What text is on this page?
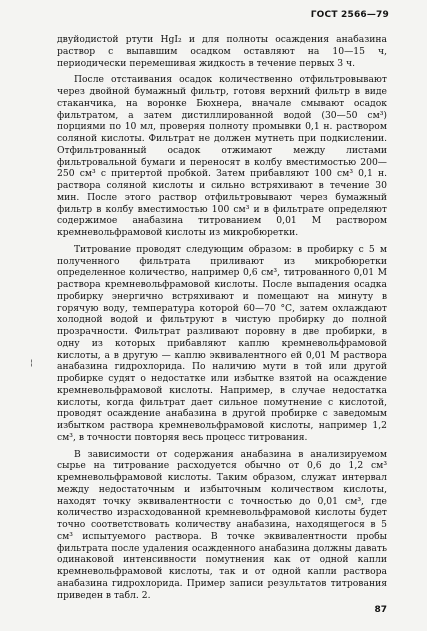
ГОСТ 2566—79

двуйодистой ртути HgI₂ и для полноты осаждения анабазина раствор с выпавшим осадком оставляют на 10—15 ч, периодически перемешивая жидкость в течение первых 3 ч.

После отстаивания осадок количественно отфильтровывают через двойной бумажный фильтр, готовя верхний фильтр в виде стаканчика, на воронке Бюхнера, вначале смывают осадок фильтратом, а затем дистиллированной водой (30—50 см³) порциями по 10 мл, проверяя полноту промывки 0,1 н. раствором соляной кислоты. Фильтрат не должен мутнеть при подкислении. Отфильтрованный осадок отжимают между листами фильтровальной бумаги и переносят в колбу вместимостью 200—250 см³ с притертой пробкой. Затем прибавляют 100 см³ 0,1 н. раствора соляной кислоты и сильно встряхивают в течение 30 мин. После этого раствор отфильтровывают через бумажный фильтр в колбу вместимостью 100 см³ и в фильтрате определяют содержимое анабазина титрованием 0,01 М раствором кремневольфрамовой кислоты из микробюретки.

Титрование проводят следующим образом: в пробирку с 5 м полученного фильтрата приливают из микробюретки определенное количество, например 0,6 см³, титрованного 0,01 М раствора кремневольфрамовой кислоты. После выпадения осадка пробирку энергично встряхивают и помещают на минуту в горячую воду, температура которой 60—70 °С, затем охлаждают холодной водой и фильтруют в чистую пробирку до полной прозрачности. Фильтрат разливают поровну в две пробирки, в одну из которых прибавляют каплю кремневольфрамовой кислоты, а в другую — каплю эквивалентного ей 0,01 М раствора анабазина гидрохлорида. По наличию мути в той или другой пробирке судят о недостатке или избытке взятой на осаждение кремневольфрамовой кислоты. Например, в случае недостатка кислоты, когда фильтрат дает сильное помутнение с кислотой, проводят осаждение анабазина в другой пробирке с заведомым избытком раствора кремневольфрамовой кислоты, например 1,2 см³, в точности повторяя весь процесс титрования.

В зависимости от содержания анабазина в анализируемом сырье на титрование расходуется обычно от 0,6 до 1,2 см³ кремневольфрамовой кислоты. Таким образом, служат интервал между недостаточным и избыточным количеством кислоты, находят точку эквивалентности с точностью до 0,01 см³, где количество израсходованной кремневольфрамовой кислоты будет точно соответствовать количеству анабазина, находящегося в 5 см³ испытуемого раствора. В точке эквивалентности пробы фильтрата после удаления осажденного анабазина должны давать одинаковой интенсивности помутнения как от одной капли кремневольфрамовой кислоты, так и от одной капли раствора анабазина гидрохлорида. Пример записи результатов титрования приведен в табл. 2.

¦
87
